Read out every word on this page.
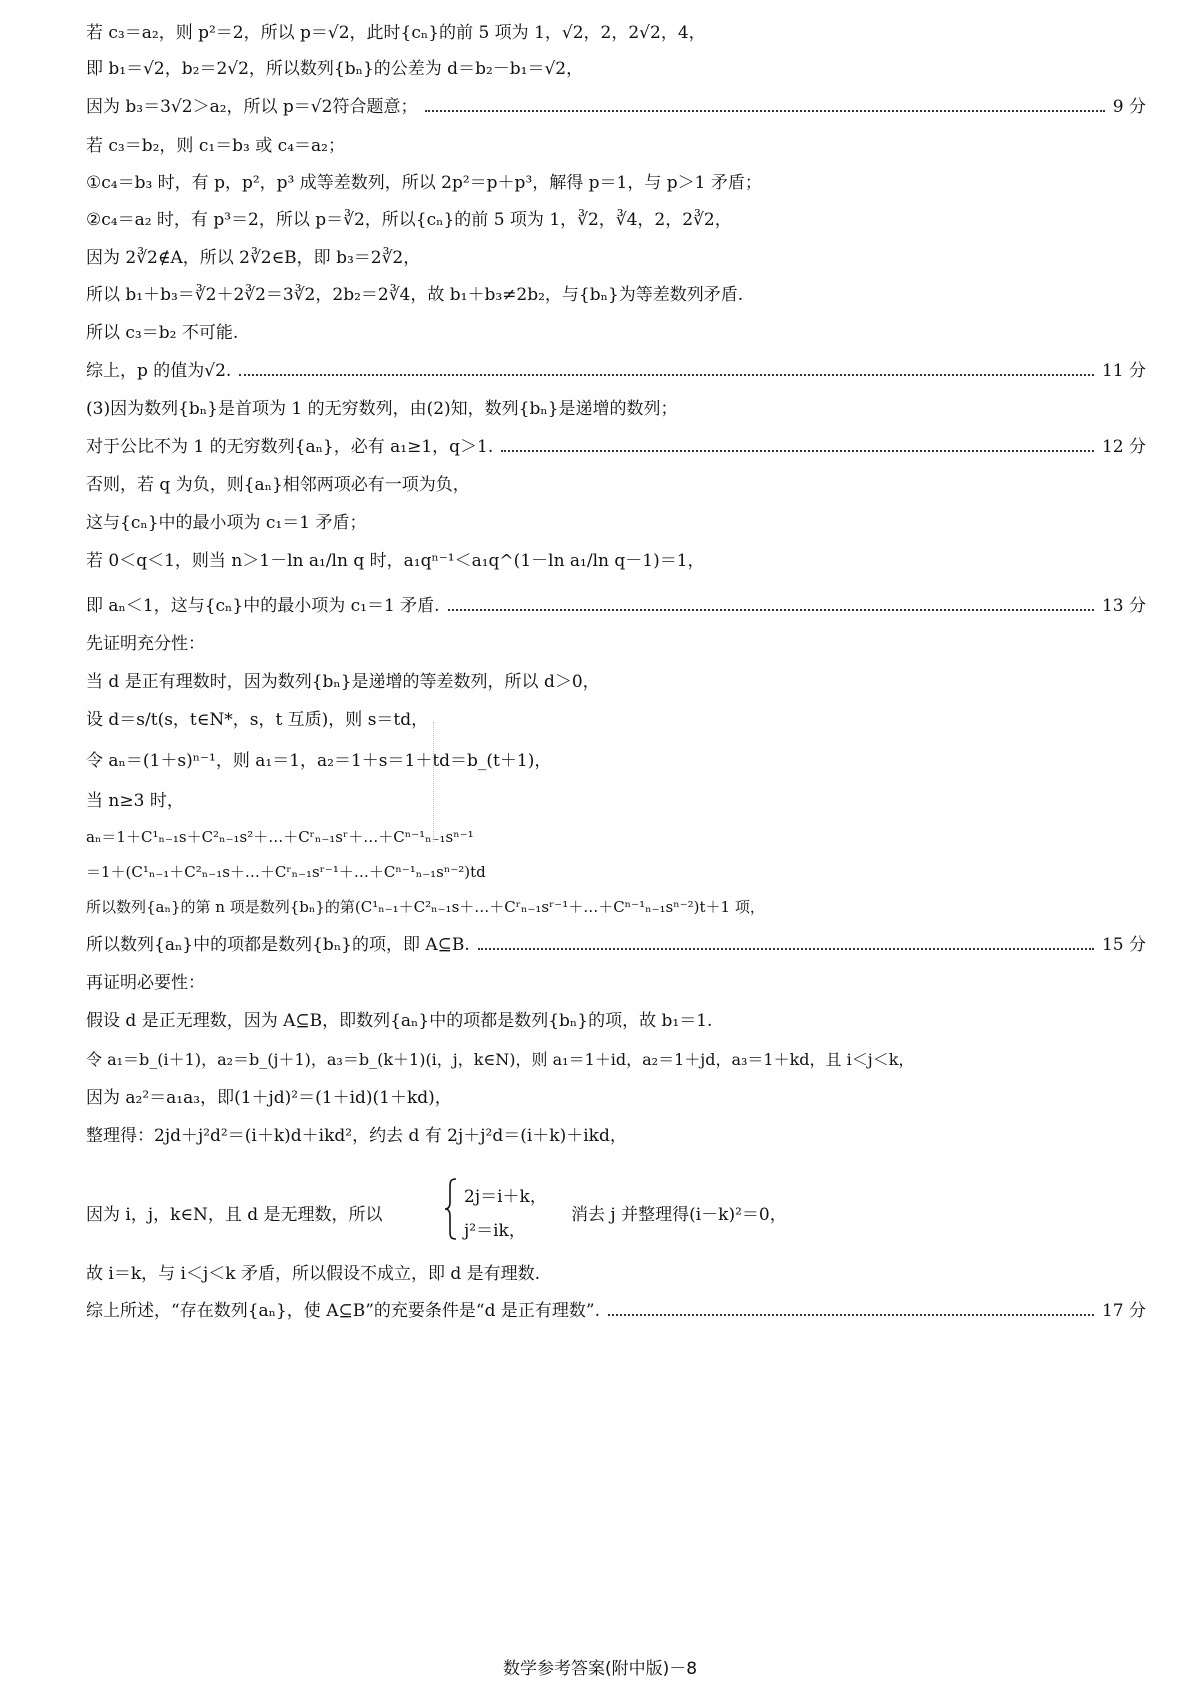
若 c₃＝a₂，则 p²＝2，所以 p＝√2，此时{cₙ}的前 5 项为 1，√2，2，2√2，4，
即 b₁＝√2，b₂＝2√2，所以数列{bₙ}的公差为 d＝b₂－b₁＝√2，
因为 b₃＝3√2＞a₂，所以 p＝√2符合题意；	9 分
若 c₃＝b₂，则 c₁＝b₃ 或 c₄＝a₂；
①c₄＝b₃ 时，有 p，p²，p³ 成等差数列，所以 2p²＝p＋p³，解得 p＝1，与 p＞1 矛盾；
②c₄＝a₂ 时，有 p³＝2，所以 p＝∛2，所以{cₙ}的前 5 项为 1，∛2，∛4，2，2∛2，
因为 2∛2∉A，所以 2∛2∈B，即 b₃＝2∛2，
所以 b₁＋b₃＝∛2＋2∛2＝3∛2，2b₂＝2∛4，故 b₁＋b₃≠2b₂，与{bₙ}为等差数列矛盾.
所以 c₃＝b₂ 不可能.
综上，p 的值为√2.	11 分
(3)因为数列{bₙ}是首项为 1 的无穷数列，由(2)知，数列{bₙ}是递增的数列；
对于公比不为 1 的无穷数列{aₙ}，必有 a₁≥1，q＞1.	12 分
否则，若 q 为负，则{aₙ}相邻两项必有一项为负，
这与{cₙ}中的最小项为 c₁＝1 矛盾；
若 0＜q＜1，则当 n＞1－ln a₁/ln q 时，a₁qⁿ⁻¹＜a₁q^(1－ln a₁/ln q－1)＝1，
即 aₙ＜1，这与{cₙ}中的最小项为 c₁＝1 矛盾.	13 分
先证明充分性：
当 d 是正有理数时，因为数列{bₙ}是递增的等差数列，所以 d＞0，
设 d＝s/t(s，t∈N*，s，t 互质)，则 s＝td，
令 aₙ＝(1＋s)ⁿ⁻¹，则 a₁＝1，a₂＝1＋s＝1＋td＝b_(t＋1)，
当 n≥3 时，
aₙ＝1＋C¹ₙ₋₁s＋C²ₙ₋₁s²＋…＋Cʳₙ₋₁sʳ＋…＋Cⁿ⁻¹ₙ₋₁sⁿ⁻¹
＝1＋(C¹ₙ₋₁＋C²ₙ₋₁s＋…＋Cʳₙ₋₁sʳ⁻¹＋…＋Cⁿ⁻¹ₙ₋₁sⁿ⁻²)td
所以数列{aₙ}的第 n 项是数列{bₙ}的第(C¹ₙ₋₁＋C²ₙ₋₁s＋…＋Cʳₙ₋₁sʳ⁻¹＋…＋Cⁿ⁻¹ₙ₋₁sⁿ⁻²)t＋1 项，
所以数列{aₙ}中的项都是数列{bₙ}的项，即 A⊆B.	15 分
再证明必要性：
假设 d 是正无理数，因为 A⊆B，即数列{aₙ}中的项都是数列{bₙ}的项，故 b₁＝1.
令 a₁＝b_(i＋1)，a₂＝b_(j＋1)，a₃＝b_(k＋1)(i，j，k∈N)，则 a₁＝1＋id，a₂＝1＋jd，a₃＝1＋kd，且 i＜j＜k，
因为 a₂²＝a₁a₃，即(1＋jd)²＝(1＋id)(1＋kd)，
整理得：2jd＋j²d²＝(i＋k)d＋ikd²，约去 d 有 2j＋j²d＝(i＋k)＋ikd，
故 i＝k，与 i＜j＜k 矛盾，所以假设不成立，即 d 是有理数.
综上所述，“存在数列{aₙ}，使 A⊆B”的充要条件是“d 是正有理数”.	17 分
因为 i，j，k∈N，且 d 是无理数，所以
2j＝i＋k，
j²＝ik，
消去 j 并整理得(i－k)²＝0，
数学参考答案(附中版)－8
